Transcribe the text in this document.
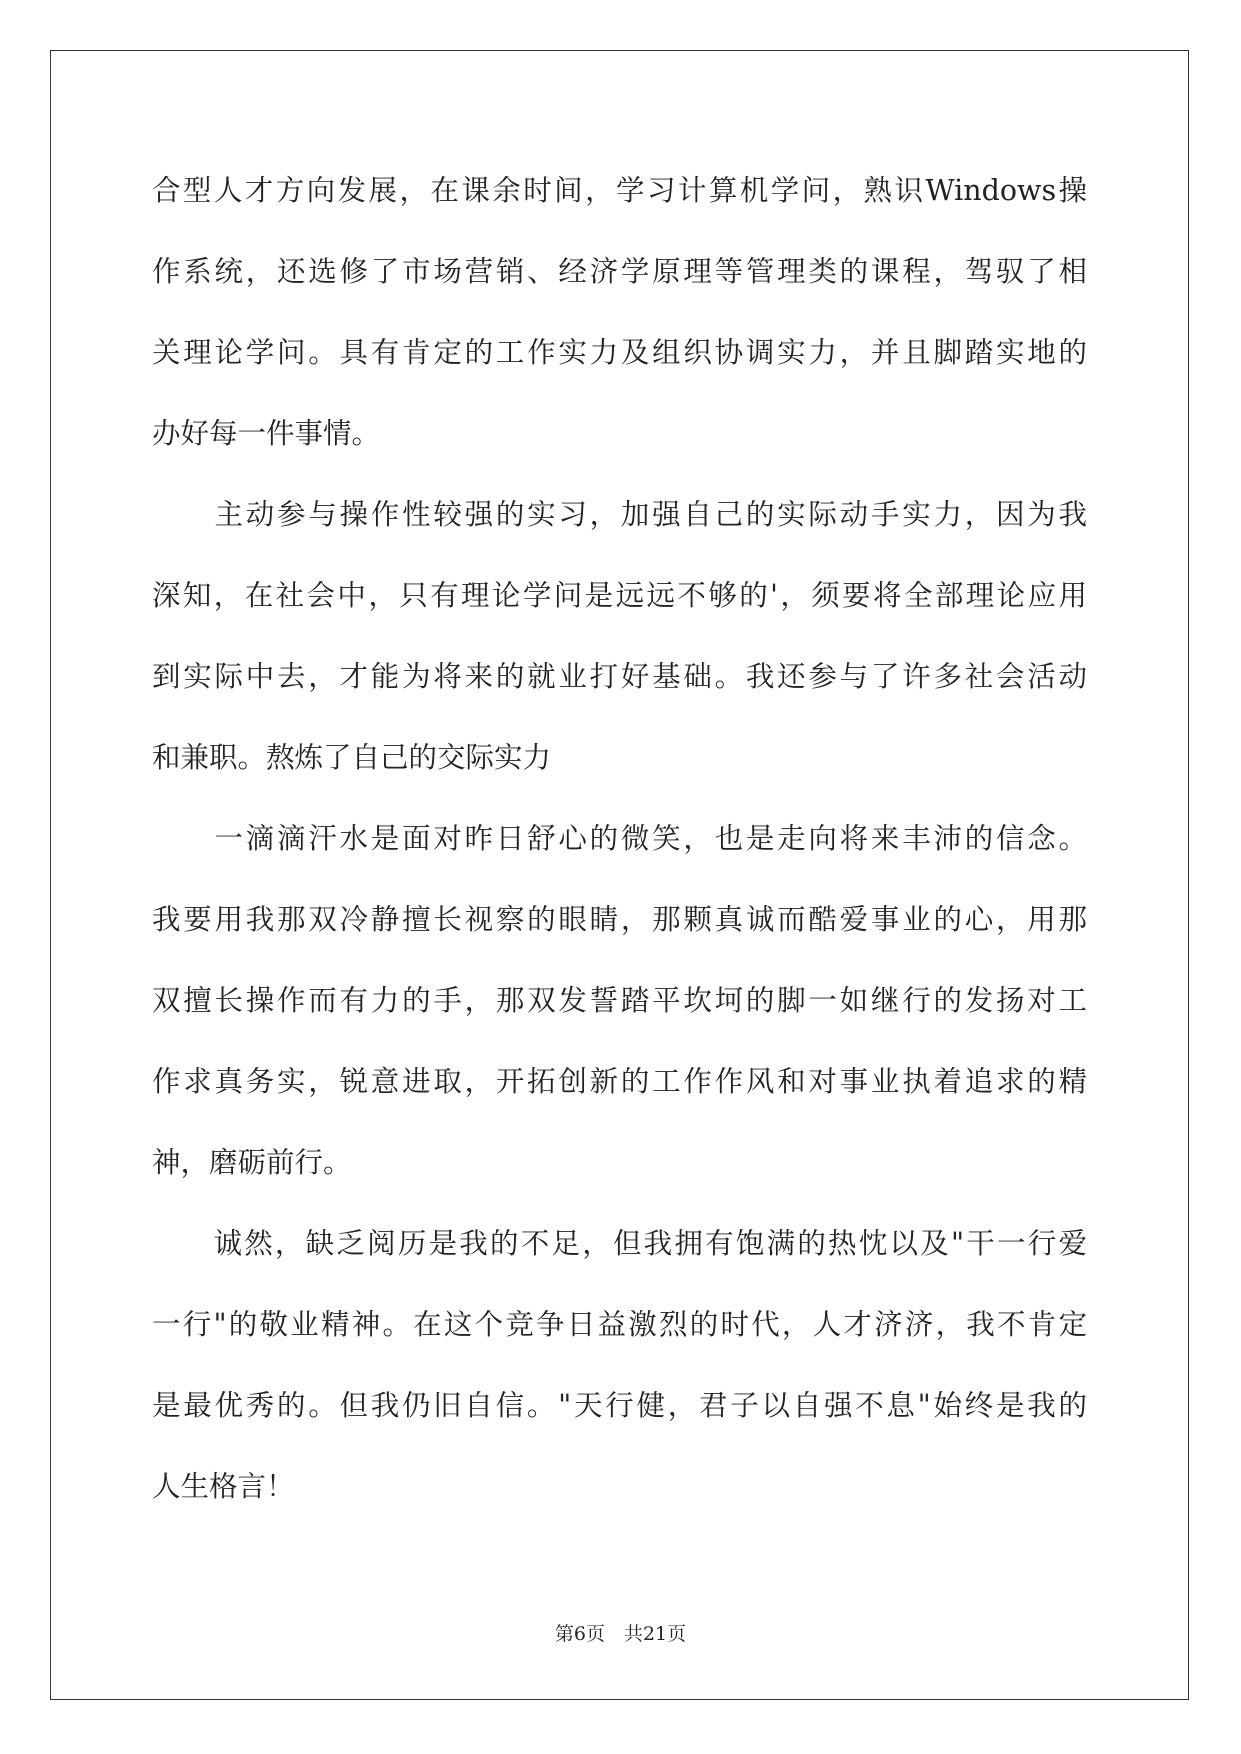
合型人才方向发展，在课余时间，学习计算机学问，熟识Windows操
作系统，还选修了市场营销、经济学原理等管理类的课程，驾驭了相
关理论学问。具有肯定的工作实力及组织协调实力，并且脚踏实地的
办好每一件事情。
　　主动参与操作性较强的实习，加强自己的实际动手实力，因为我
深知，在社会中，只有理论学问是远远不够的'，须要将全部理论应用
到实际中去，才能为将来的就业打好基础。我还参与了许多社会活动
和兼职。熬炼了自己的交际实力
　　一滴滴汗水是面对昨日舒心的微笑，也是走向将来丰沛的信念。
我要用我那双冷静擅长视察的眼睛，那颗真诚而酷爱事业的心，用那
双擅长操作而有力的手，那双发誓踏平坎坷的脚一如继行的发扬对工
作求真务实，锐意进取，开拓创新的工作作风和对事业执着追求的精
神，磨砺前行。
　　诚然，缺乏阅历是我的不足，但我拥有饱满的热忱以及"干一行爱
一行"的敬业精神。在这个竞争日益激烈的时代，人才济济，我不肯定
是最优秀的。但我仍旧自信。"天行健，君子以自强不息"始终是我的
人生格言！
第6页　共21页
